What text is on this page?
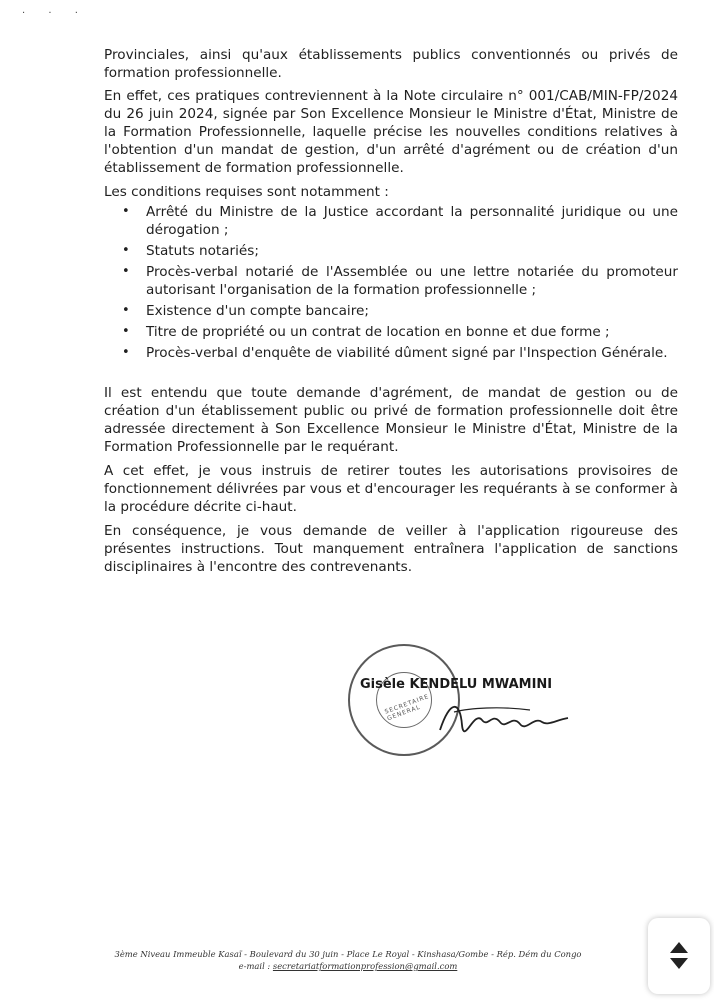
· · ·

Provinciales, ainsi qu'aux établissements publics conventionnés ou privés de formation professionnelle.

En effet, ces pratiques contreviennent à la Note circulaire n° 001/CAB/MIN-FP/2024 du 26 juin 2024, signée par Son Excellence Monsieur le Ministre d'État, Ministre de la Formation Professionnelle, laquelle précise les nouvelles conditions relatives à l'obtention d'un mandat de gestion, d'un arrêté d'agrément ou de création d'un établissement de formation professionnelle.

Les conditions requises sont notamment :

• Arrêté du Ministre de la Justice accordant la personnalité juridique ou une dérogation ;
• Statuts notariés;
• Procès-verbal notarié de l'Assemblée ou une lettre notariée du promoteur autorisant l'organisation de la formation professionnelle ;
• Existence d'un compte bancaire;
• Titre de propriété ou un contrat de location en bonne et due forme ;
• Procès-verbal d'enquête de viabilité dûment signé par l'Inspection Générale.

Il est entendu que toute demande d'agrément, de mandat de gestion ou de création d'un établissement public ou privé de formation professionnelle doit être adressée directement à Son Excellence Monsieur le Ministre d'État, Ministre de la Formation Professionnelle par le requérant.

A cet effet, je vous instruis de retirer toutes les autorisations provisoires de fonctionnement délivrées par vous et d'encourager les requérants à se conformer à la procédure décrite ci-haut.

En conséquence, je vous demande de veiller à l'application rigoureuse des présentes instructions. Tout manquement entraînera l'application de sanctions disciplinaires à l'encontre des contrevenants.

SECRETAIRE GENERAL
Gisèle KENDELU MWAMINI
3ème Niveau Immeuble Kasaï - Boulevard du 30 juin - Place Le Royal - Kinshasa/Gombe - Rép. Dém du Congo
e-mail : secretariatformationprofession@gmail.com
